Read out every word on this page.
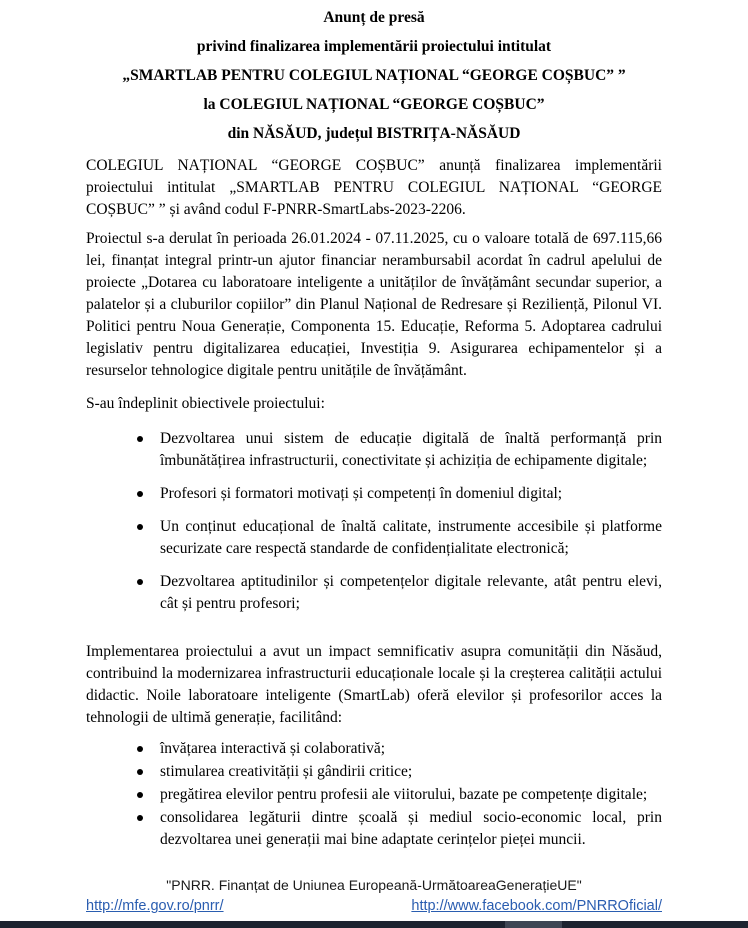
Anunț de presă

privind finalizarea implementării proiectului intitulat

„SMARTLAB PENTRU COLEGIUL NAȚIONAL “GEORGE COȘBUC” ”

la COLEGIUL NAȚIONAL “GEORGE COȘBUC”

din NĂSĂUD, județul BISTRIȚA-NĂSĂUD

COLEGIUL NAȚIONAL “GEORGE COȘBUC” anunță finalizarea implementării proiectului intitulat „SMARTLAB PENTRU COLEGIUL NAȚIONAL “GEORGE COȘBUC” ” și având codul F-PNRR-SmartLabs-2023-2206.

Proiectul s-a derulat în perioada 26.01.2024 - 07.11.2025, cu o valoare totală de 697.115,66 lei, finanțat integral printr-un ajutor financiar nerambursabil acordat în cadrul apelului de proiecte „Dotarea cu laboratoare inteligente a unităților de învățământ secundar superior, a palatelor și a cluburilor copiilor” din Planul Național de Redresare și Reziliență, Pilonul VI. Politici pentru Noua Generație, Componenta 15. Educație, Reforma 5. Adoptarea cadrului legislativ pentru digitalizarea educației, Investiția 9. Asigurarea echipamentelor și a resurselor tehnologice digitale pentru unitățile de învățământ.

S-au îndeplinit obiectivele proiectului:

Dezvoltarea unui sistem de educație digitală de înaltă performanță prin îmbunătățirea infrastructurii, conectivitate și achiziția de echipamente digitale;
Profesori și formatori motivați și competenți în domeniul digital;
Un conținut educațional de înaltă calitate, instrumente accesibile și platforme securizate care respectă standarde de confidențialitate electronică;
Dezvoltarea aptitudinilor și competențelor digitale relevante, atât pentru elevi, cât și pentru profesori;

Implementarea proiectului a avut un impact semnificativ asupra comunității din Năsăud, contribuind la modernizarea infrastructurii educaționale locale și la creșterea calității actului didactic. Noile laboratoare inteligente (SmartLab) oferă elevilor și profesorilor acces la tehnologii de ultimă generație, facilitând:

învățarea interactivă și colaborativă;
stimularea creativității și gândirii critice;
pregătirea elevilor pentru profesii ale viitorului, bazate pe competențe digitale;
consolidarea legăturii dintre școală și mediul socio-economic local, prin dezvoltarea unei generații mai bine adaptate cerințelor pieței muncii.

"PNRR. Finanțat de Uniunea Europeană-UrmătoareaGenerațieUE"

http://mfe.gov.ro/pnrr/	http://www.facebook.com/PNRROficial/
